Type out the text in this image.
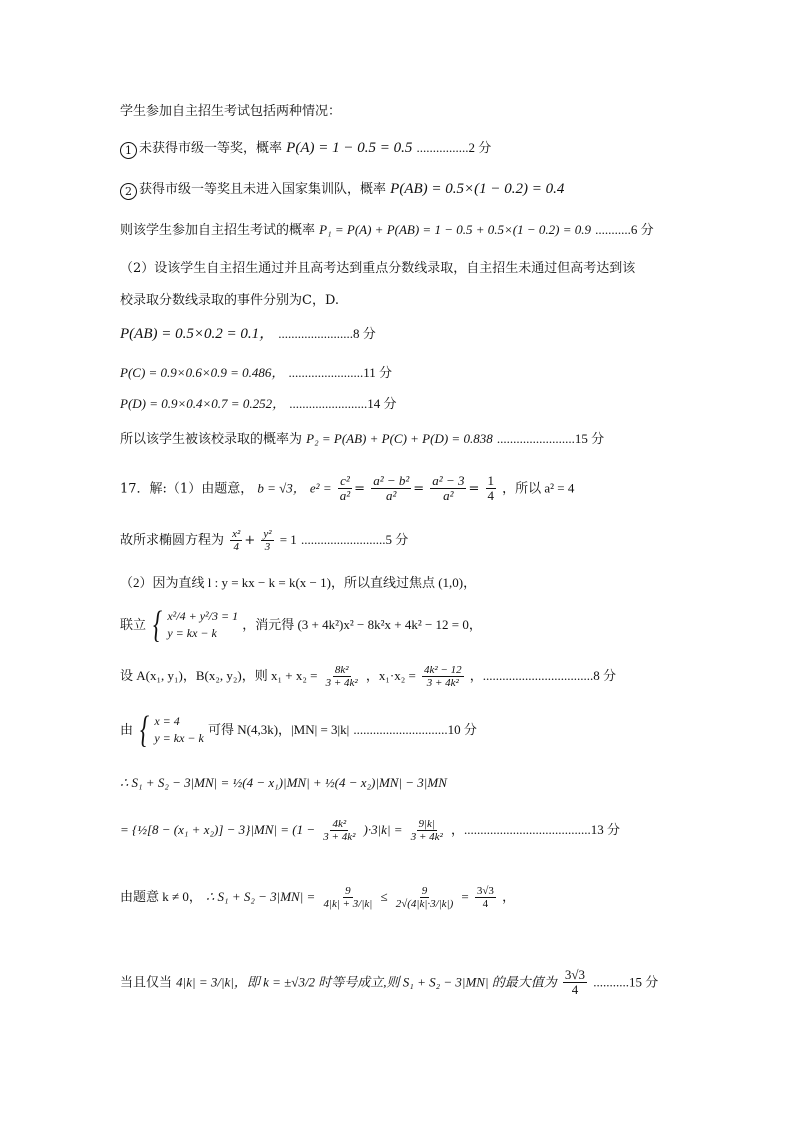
学生参加自主招生考试包括两种情况：
1 未获得市级一等奖，概率 P(A) = 1 − 0.5 = 0.5 ................2 分
2 获得市级一等奖且未进入国家集训队，概率 P(AB) = 0.5×(1 − 0.2) = 0.4
则该学生参加自主招生考试的概率 P₁ = P(A) + P(AB) = 1 − 0.5 + 0.5×(1 − 0.2) = 0.9 ...........6 分
（2）设该学生自主招生通过并且高考达到重点分数线录取，自主招生未通过但高考达到该
校录取分数线录取的事件分别为C，D.
P(AB) = 0.5×0.2 = 0.1， .......................8 分
P(C) = 0.9×0.6×0.9 = 0.486， .......................11 分
P(D) = 0.9×0.4×0.7 = 0.252， ........................14 分
所以该学生被该校录取的概率为 P₂ = P(AB) + P(C) + P(D) = 0.838 ........................15 分
17．解:（1）由题意， b = √3， $e^2 = \frac{\text{c²}}{\text{a²}} = \frac{\text{a² − b²}}{\text{a²}} = \frac{\text{a² − 3}}{\text{a²}} = \frac{1}{4}$ ，所以 a² = 4
故所求椭圆方程为 $\frac{\text{x²}}{4} + \frac{\text{y²}}{3} = 1$ ..........................5 分
（2）因为直线 l : y = kx − k = k(x − 1)，所以直线过焦点 (1,0)，
联立 { x²/4 + y²/3 = 1
y = kx − k
，消元得 (3 + 4k²)x² − 8k²x + 4k² − 12 = 0，
设 A(x₁, y₁)，B(x₂, y₂)，则 $x_1 + x_2 = \frac{\text{8k²}}{\text{3 + 4k²}}$ ，$x_1\cdot x_2 = \frac{\text{4k² − 12}}{\text{3 + 4k²}}$ ，..................................8 分
由 { x = 4
y = kx − k
可得 N(4,3k)，|MN| = 3|k| .............................10 分
∴ S₁ + S₂ − 3|MN| = ½(4 − x₁)|MN| + ½(4 − x₂)|MN| − 3|MN
= {½[8 − $(x_1 + x_2)] - 3\}|MN| = (1 - \frac{\text{4k²}}{\text{3 + 4k²}} )\cdot 3|k| = \frac{9|k|}{\text{3 + 4k²}}$ ，.......................................13 分
由题意 k ≠ 0， ∴ $S_1 + S_2 - 3|MN| = \frac{9}{4|k| + 3/|k|} \le \frac{9}{2√(4|k|\cdot 3/|k|)} = \frac{3√3}{4}$ ，
当且仅当 4|k| = 3/|k|，即 k = ±√3/2 时等号成立,则 S₁ + S₂ − 3|MN| 的最大值为 $\frac{3√3}{4} ...........15$ 分
